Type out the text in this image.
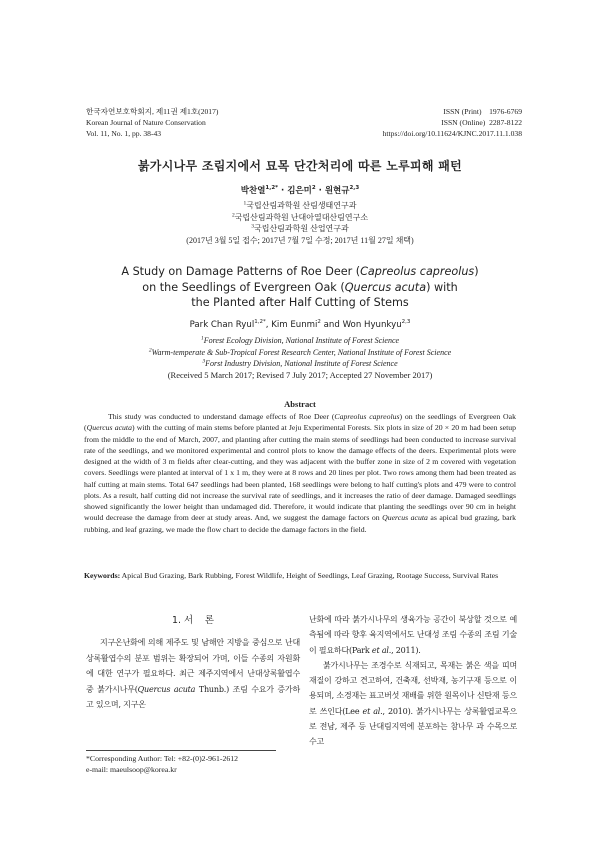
한국자연보호학회지, 제11권 제1호(2017)
Korean Journal of Nature Conservation
Vol. 11, No. 1, pp. 38-43
ISSN (Print)    1976-6769
ISSN (Online)  2287-8122
https://doi.org/10.11624/KJNC.2017.11.1.038
붉가시나무 조림지에서 묘목 단간처리에 따른 노루피해 패턴
박찬열$^{1,2*}$ · 김은미$^2$ · 원현규$^{2,3}$
$^1$국립산림과학원 산림생태연구과
$^2$국립산림과학원 난대아열대산림연구소
$^3$국립산림과학원 산업연구과
(2017년 3월 5일 접수; 2017년 7월 7일 수정; 2017년 11월 27일 채택)
A Study on Damage Patterns of Roe Deer (Capreolus capreolus)
on the Seedlings of Evergreen Oak (Quercus acuta) with
the Planted after Half Cutting of Stems
Park Chan Ryul$^{1,2*}$, Kim Eunmi$^2$ and Won Hyunkyu$^{2,3}$
$^1$Forest Ecology Division, National Institute of Forest Science
$^2$Warm-temperate & Sub-Tropical Forest Research Center, National Institute of Forest Science
$^3$Forst Industry Division, National Institute of Forest Science
(Received 5 March 2017; Revised 7 July 2017; Accepted 27 November 2017)
Abstract

This study was conducted to understand damage effects of Roe Deer (Capreolus capreolus) on the seedlings of Evergreen Oak (Quercus acuta) with the cutting of main stems before planted at Jeju Experimental Forests. Six plots in size of 20 × 20 m had been setup from the middle to the end of March, 2007, and planting after cutting the main stems of seedlings had been conducted to increase survival rate of the seedlings, and we monitored experimental and control plots to know the damage effects of the deers. Experimental plots were designed at the width of 3 m fields after clear-cutting, and they was adjacent with the buffer zone in size of 2 m covered with vegetation covers. Seedlings were planted at interval of 1 x 1 m, they were at 8 rows and 20 lines per plot. Two rows among them had been treated as half cutting at main stems. Total 647 seedlings had been planted, 168 seedlings were belong to half cutting's plots and 479 were to control plots. As a result, half cutting did not increase the survival rate of seedlings, and it increases the ratio of deer damage. Damaged seedlings showed significantly the lower height than undamaged did. Therefore, it would indicate that planting the seedlings over 90 cm in height would decrease the damage from deer at study areas. And, we suggest the damage factors on Quercus acuta as apical bud grazing, bark rubbing, and leaf grazing, we made the flow chart to decide the damage factors in the field.

Keywords: Apical Bud Grazing, Bark Rubbing, Forest Wildlife, Height of Seedlings, Leaf Grazing, Rootage Success, Survival Rates
1. 서    론

지구온난화에 의해 제주도 및 남해안 지방을 중심으로 난대상록활엽수의 분포 범위는 확장되어 가며, 이들 수종의 자원화에 대한 연구가 필요하다. 최근 제주지역에서 난대상록활엽수 중 붉가시나무(Quercus acuta Thunb.) 조림 수요가 증가하고 있으며, 지구온

난화에 따라 붉가시나무의 생육가능 공간이 북상할 것으로 예측됨에 따라 향후 육지역에서도 난대성 조림 수종의 조림 기술이 필요하다(Park et al., 2011).

붉가시나무는 조경수로 식재되고, 목재는 붉은 색을 띠며 재질이 강하고 견고하여, 건축재, 선박재, 농기구재 등으로 이용되며, 소경재는 표고버섯 재배를 위한 원목이나 신탄재 등으로 쓰인다(Lee et al., 2010). 붉가시나무는 상록활엽교목으로 전남, 제주 등 난대림지역에 분포하는 참나무 과 수목으로 수고

*Corresponding Author: Tel: +82-(0)2-961-2612
e-mail: maeulsoop@korea.kr
